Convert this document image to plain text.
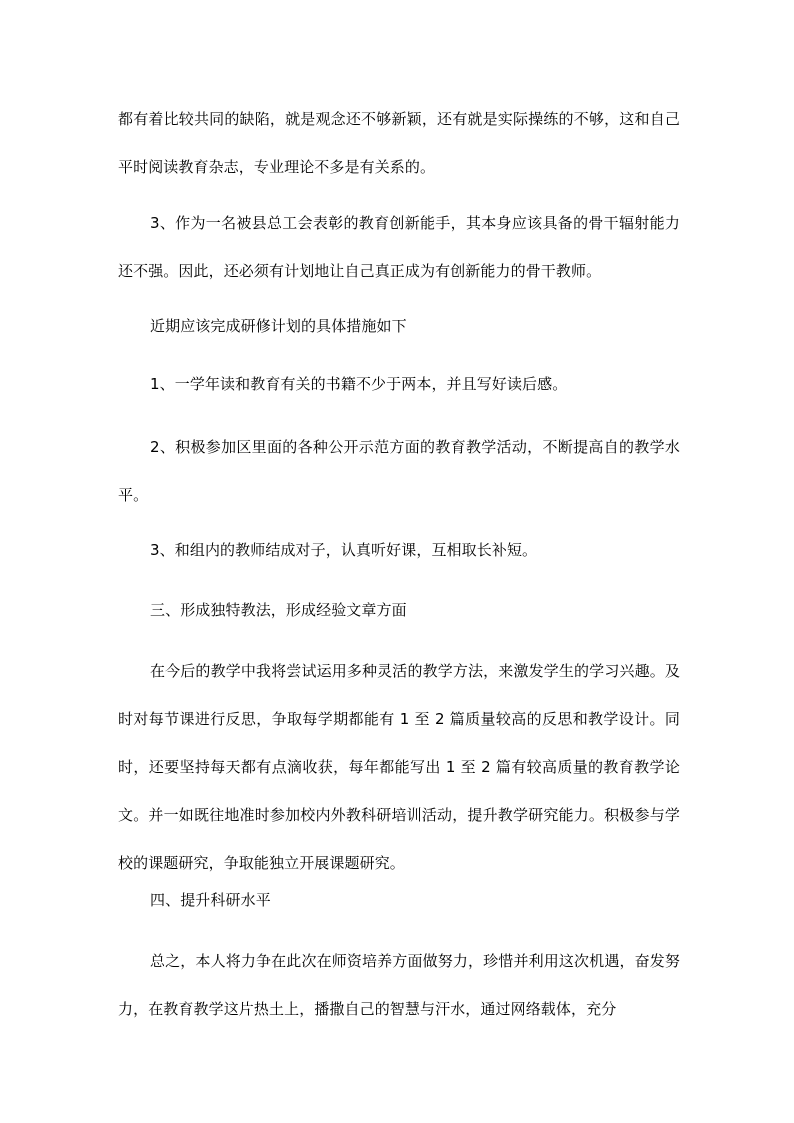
都有着比较共同的缺陷，就是观念还不够新颖，还有就是实际操练的不够，这和自己平时阅读教育杂志，专业理论不多是有关系的。

3、作为一名被县总工会表彰的教育创新能手，其本身应该具备的骨干辐射能力还不强。因此，还必须有计划地让自己真正成为有创新能力的骨干教师。

近期应该完成研修计划的具体措施如下

1、一学年读和教育有关的书籍不少于两本，并且写好读后感。

2、积极参加区里面的各种公开示范方面的教育教学活动，不断提高自的教学水平。

3、和组内的教师结成对子，认真听好课，互相取长补短。

三、形成独特教法，形成经验文章方面

在今后的教学中我将尝试运用多种灵活的教学方法，来激发学生的学习兴趣。及时对每节课进行反思，争取每学期都能有 1 至 2 篇质量较高的反思和教学设计。同时，还要坚持每天都有点滴收获，每年都能写出 1 至 2 篇有较高质量的教育教学论文。并一如既往地准时参加校内外教科研培训活动，提升教学研究能力。积极参与学校的课题研究，争取能独立开展课题研究。

四、提升科研水平

总之，本人将力争在此次在师资培养方面做努力，珍惜并利用这次机遇，奋发努力，在教育教学这片热土上，播撒自己的智慧与汗水，通过网络载体，充分
